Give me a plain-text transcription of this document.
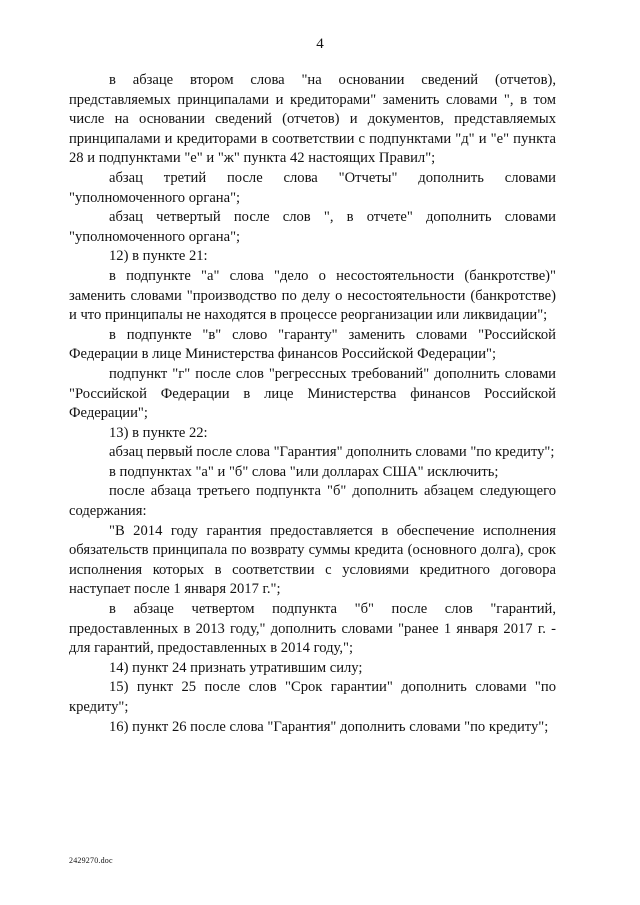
4

в абзаце втором слова "на основании сведений (отчетов), представляемых принципалами и кредиторами" заменить словами ", в том числе на основании сведений (отчетов) и документов, представляемых принципалами и кредиторами в соответствии с подпунктами "д" и "е" пункта 28 и подпунктами "е" и "ж" пункта 42 настоящих Правил";

абзац третий после слова "Отчеты" дополнить словами "уполномоченного органа";

абзац четвертый после слов ", в отчете" дополнить словами "уполномоченного органа";

12) в пункте 21:

в подпункте "а" слова "дело о несостоятельности (банкротстве)" заменить словами "производство по делу о несостоятельности (банкротстве) и что принципалы не находятся в процессе реорганизации или ликвидации";

в подпункте "в" слово "гаранту" заменить словами "Российской Федерации в лице Министерства финансов Российской Федерации";

подпункт "г" после слов "регрессных требований" дополнить словами "Российской Федерации в лице Министерства финансов Российской Федерации";

13) в пункте 22:

абзац первый после слова "Гарантия" дополнить словами "по кредиту";

в подпунктах "а" и "б" слова "или долларах США" исключить;

после абзаца третьего подпункта "б" дополнить абзацем следующего содержания:

"В 2014 году гарантия предоставляется в обеспечение исполнения обязательств принципала по возврату суммы кредита (основного долга), срок исполнения которых в соответствии с условиями кредитного договора наступает после 1 января 2017 г.";

в абзаце четвертом подпункта "б" после слов "гарантий, предоставленных в 2013 году," дополнить словами "ранее 1 января 2017 г. - для гарантий, предоставленных в 2014 году,";

14) пункт 24 признать утратившим силу;

15) пункт 25 после слов "Срок гарантии" дополнить словами "по кредиту";

16) пункт 26 после слова "Гарантия" дополнить словами "по кредиту";

2429270.doc
